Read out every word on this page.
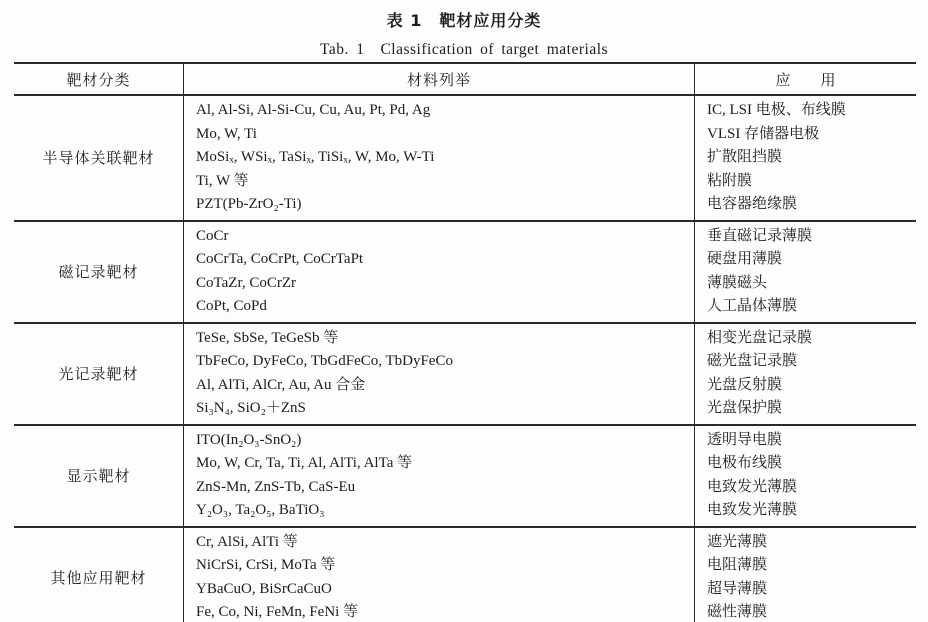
表 1　靶材应用分类
Tab. 1　Classification of target materials
靶材分类	材料列举	应　　用
半导体关联靶材
Al, Al-Si, Al-Si-Cu, Cu, Au, Pt, Pd, Ag
Mo, W, Ti
MoSiₓ, WSiₓ, TaSiₓ, TiSiₓ, W, Mo, W-Ti
Ti, W 等
PZT(Pb-ZrO₂-Ti)
IC, LSI 电极、布线膜
VLSI 存储器电极
扩散阻挡膜
粘附膜
电容器绝缘膜
磁记录靶材
CoCr
CoCrTa, CoCrPt, CoCrTaPt
CoTaZr, CoCrZr
CoPt, CoPd
垂直磁记录薄膜
硬盘用薄膜
薄膜磁头
人工晶体薄膜
光记录靶材
TeSe, SbSe, TeGeSb 等
TbFeCo, DyFeCo, TbGdFeCo, TbDyFeCo
Al, AlTi, AlCr, Au, Au 合金
Si₃N₄, SiO₂＋ZnS
相变光盘记录膜
磁光盘记录膜
光盘反射膜
光盘保护膜
显示靶材
ITO(In₂O₃-SnO₂)
Mo, W, Cr, Ta, Ti, Al, AlTi, AlTa 等
ZnS-Mn, ZnS-Tb, CaS-Eu
Y₂O₃, Ta₂O₅, BaTiO₃
透明导电膜
电极布线膜
电致发光薄膜
电致发光薄膜
其他应用靶材
Cr, AlSi, AlTi 等
NiCrSi, CrSi, MoTa 等
YBaCuO, BiSrCaCuO
Fe, Co, Ni, FeMn, FeNi 等
遮光薄膜
电阻薄膜
超导薄膜
磁性薄膜
